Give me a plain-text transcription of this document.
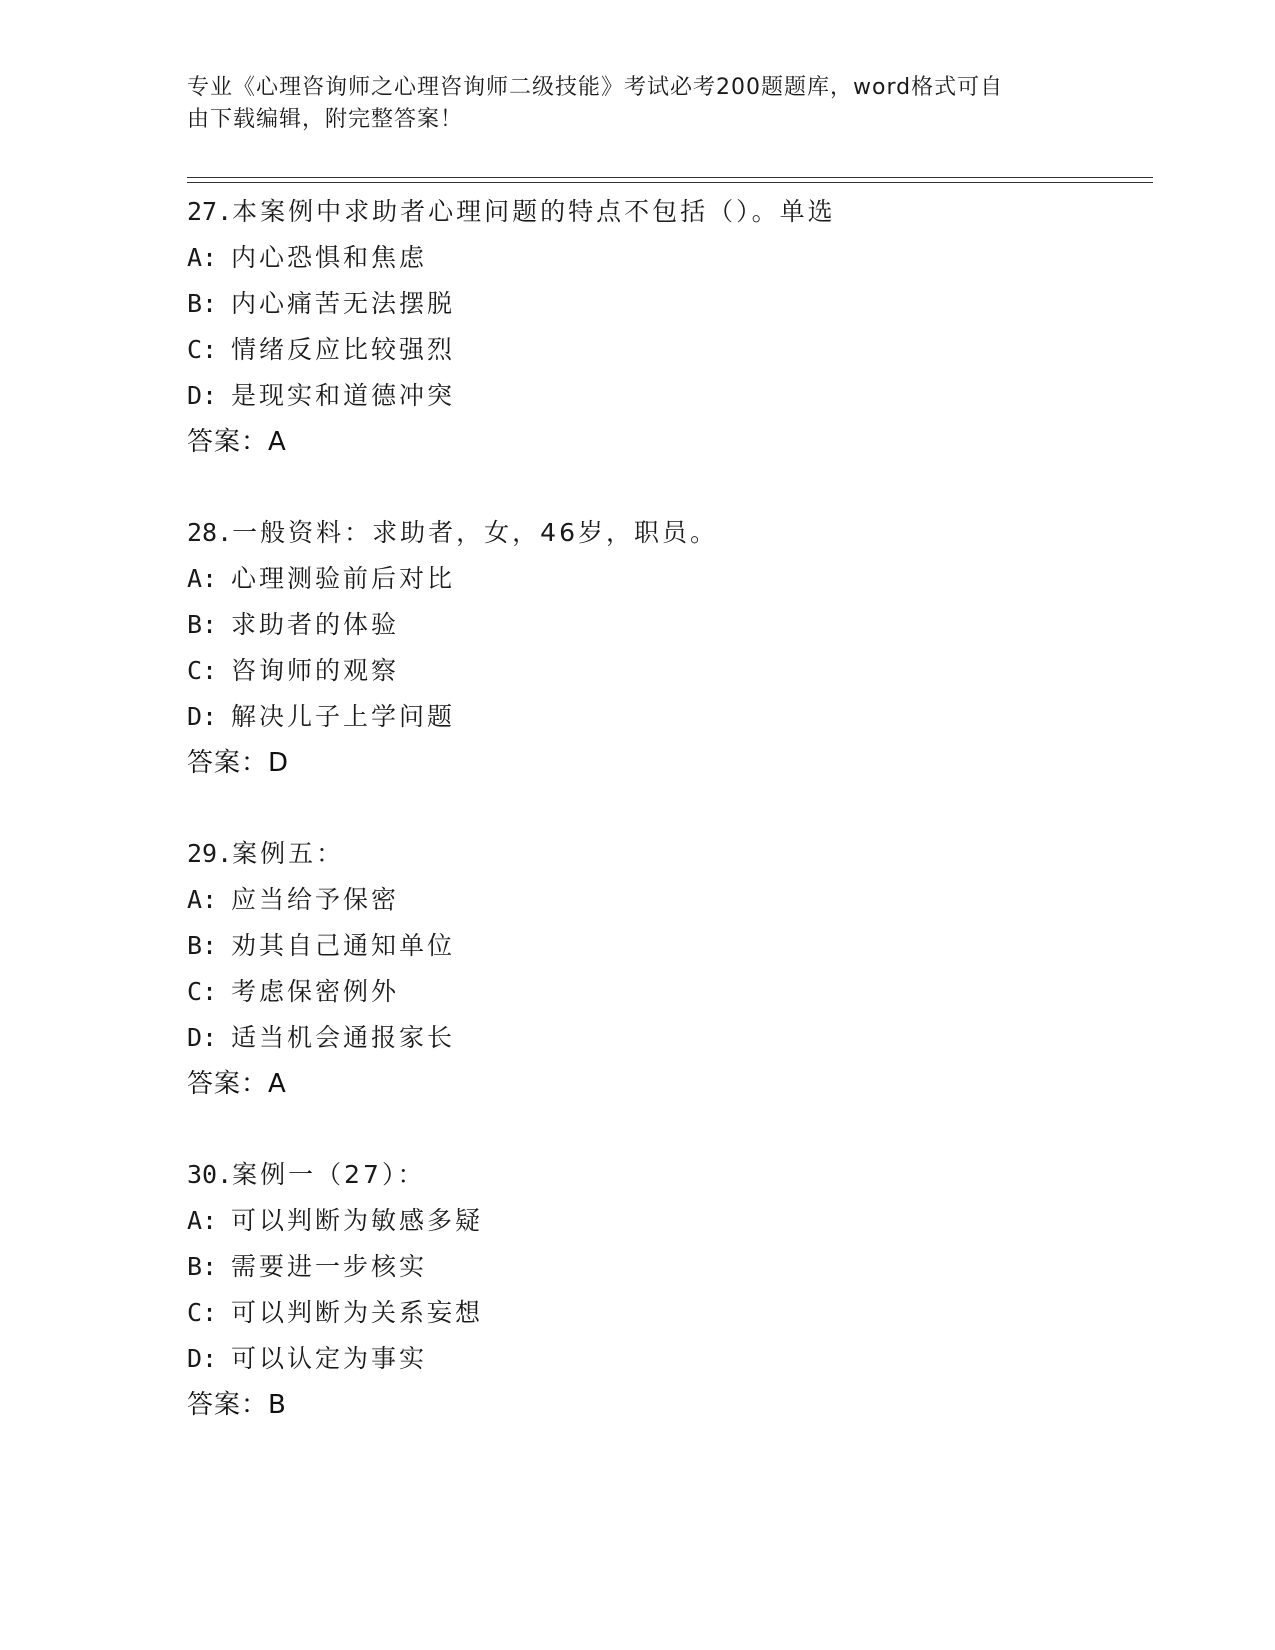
专业《心理咨询师之心理咨询师二级技能》考试必考200题题库，word格式可自
由下载编辑，附完整答案！
27.本案例中求助者心理问题的特点不包括（）。单选
A: 内心恐惧和焦虑
B: 内心痛苦无法摆脱
C: 情绪反应比较强烈
D: 是现实和道德冲突
答案：A
28.一般资料：求助者，女，46岁，职员。
A: 心理测验前后对比
B: 求助者的体验
C: 咨询师的观察
D: 解决儿子上学问题
答案：D
29.案例五：
A: 应当给予保密
B: 劝其自己通知单位
C: 考虑保密例外
D: 适当机会通报家长
答案：A
30.案例一（27）：
A: 可以判断为敏感多疑
B: 需要进一步核实
C: 可以判断为关系妄想
D: 可以认定为事实
答案：B
